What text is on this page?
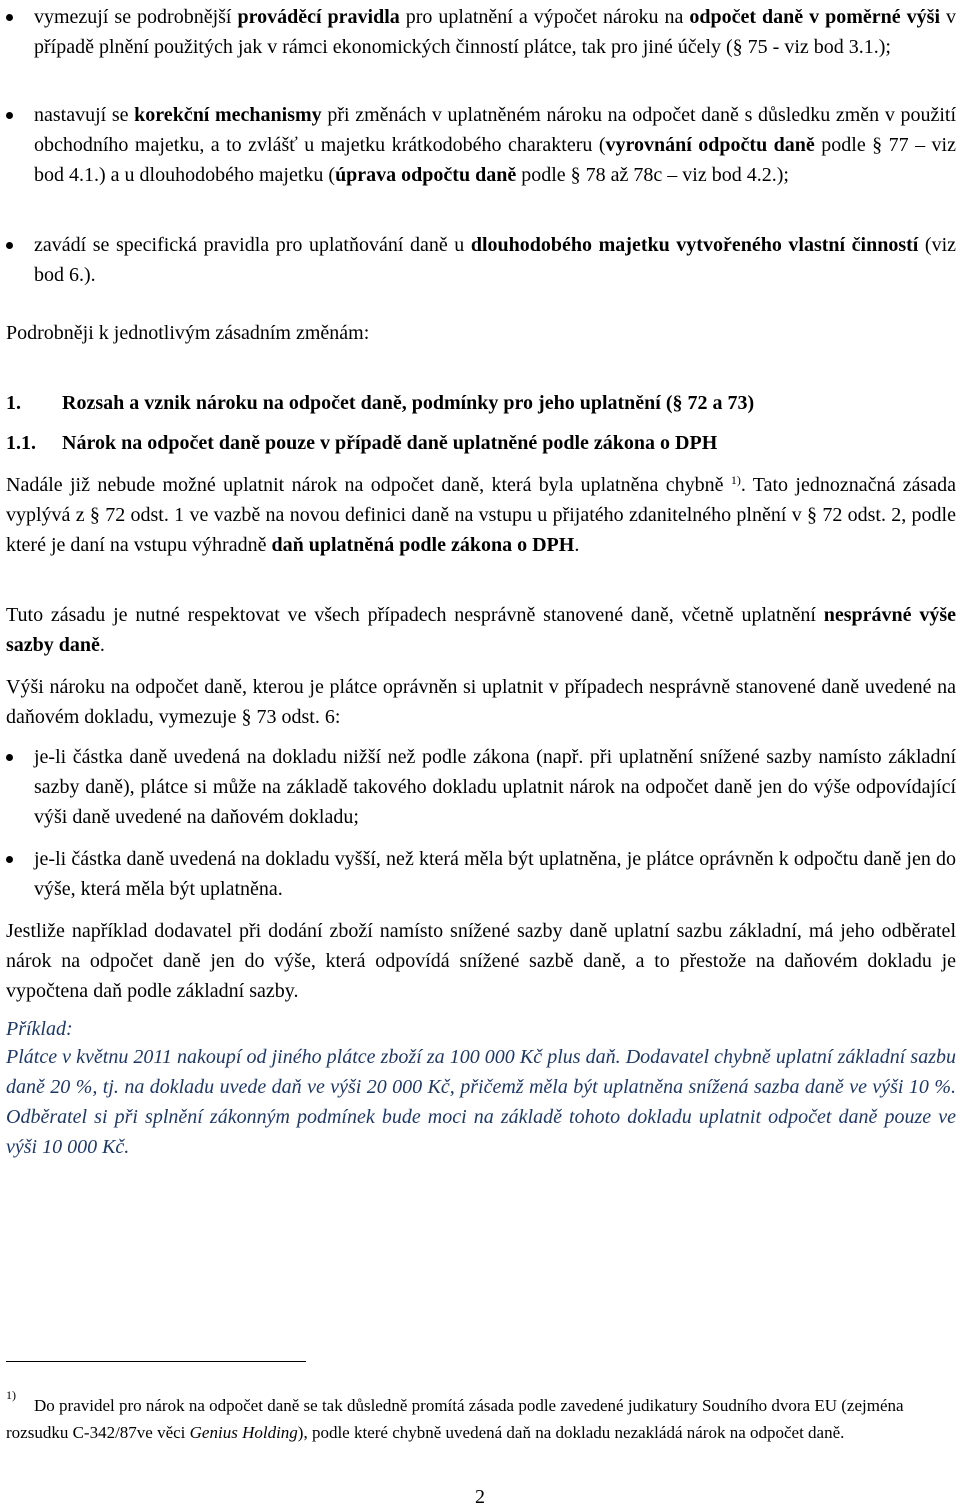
vymezují se podrobnější prováděcí pravidla pro uplatnění a výpočet nároku na odpočet daně v poměrné výši v případě plnění použitých jak v rámci ekonomických činností plátce, tak pro jiné účely (§ 75 - viz bod 3.1.);
nastavují se korekční mechanismy při změnách v uplatněném nároku na odpočet daně s důsledku změn v použití obchodního majetku, a to zvlášť u majetku krátkodobého charakteru (vyrovnání odpočtu daně podle § 77 – viz bod 4.1.) a u dlouhodobého majetku (úprava odpočtu daně podle § 78 až 78c – viz bod 4.2.);
zavádí se specifická pravidla pro uplatňování daně u dlouhodobého majetku vytvořeného vlastní činností (viz bod 6.).
Podrobněji k jednotlivým zásadním změnám:
1. Rozsah a vznik nároku na odpočet daně, podmínky pro jeho uplatnění (§ 72 a 73)
1.1. Nárok na odpočet daně pouze v případě daně uplatněné podle zákona o DPH
Nadále již nebude možné uplatnit nárok na odpočet daně, která byla uplatněna chybně $^{1)}$. Tato jednoznačná zásada vyplývá z § 72 odst. 1 ve vazbě na novou definici daně na vstupu u přijatého zdanitelného plnění v § 72 odst. 2, podle které je daní na vstupu výhradně daň uplatněná podle zákona o DPH.
Tuto zásadu je nutné respektovat ve všech případech nesprávně stanovené daně, včetně uplatnění nesprávné výše sazby daně.
Výši nároku na odpočet daně, kterou je plátce oprávněn si uplatnit v případech nesprávně stanovené daně uvedené na daňovém dokladu, vymezuje § 73 odst. 6:
je-li částka daně uvedená na dokladu nižší než podle zákona (např. při uplatnění snížené sazby namísto základní sazby daně), plátce si může na základě takového dokladu uplatnit nárok na odpočet daně jen do výše odpovídající výši daně uvedené na daňovém dokladu;
je-li částka daně uvedená na dokladu vyšší, než která měla být uplatněna, je plátce oprávněn k odpočtu daně jen do výše, která měla být uplatněna.
Jestliže například dodavatel při dodání zboží namísto snížené sazby daně uplatní sazbu základní, má jeho odběratel nárok na odpočet daně jen do výše, která odpovídá snížené sazbě daně, a to přestože na daňovém dokladu je vypočtena daň podle základní sazby.
Příklad:
Plátce v květnu 2011 nakoupí od jiného plátce zboží za 100 000 Kč plus daň. Dodavatel chybně uplatní základní sazbu daně 20 %, tj. na dokladu uvede daň ve výši 20 000 Kč, přičemž měla být uplatněna snížená sazba daně ve výši 10 %. Odběratel si při splnění zákonným podmínek bude moci na základě tohoto dokladu uplatnit odpočet daně pouze ve výši 10 000 Kč.
1)
Do pravidel pro nárok na odpočet daně se tak důsledně promítá zásada podle zavedené judikatury Soudního dvora EU (zejména rozsudku C-342/87ve věci Genius Holding), podle které chybně uvedená daň na dokladu nezakládá nárok na odpočet daně.
2
